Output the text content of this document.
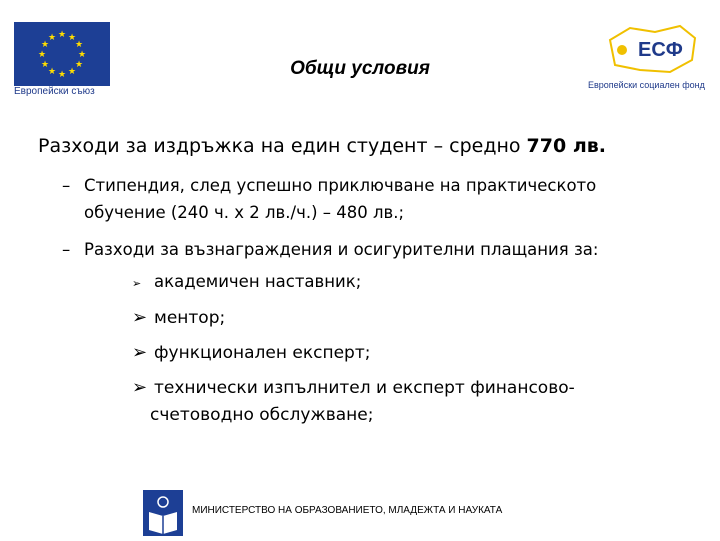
★ ★
★
★
★
★
★
★
★
★
★
★
Европейски съюз
Общи условия
ЕСФ
Европейски социален фонд
Разходи за издръжка на един студент – средно 770 лв.
– Стипендия, след успешно приключване на практическото
обучение (240 ч. х 2 лв./ч.) – 480 лв.;
– Разходи за възнаграждения и осигурителни плащания за:
➢ академичен наставник;
➢ ментор;
➢ функционален експерт;
➢ технически изпълнител и експерт финансово-
счетоводно обслужване;
МИНИСТЕРСТВО НА ОБРАЗОВАНИЕТО, МЛАДЕЖТА И НАУКАТА
